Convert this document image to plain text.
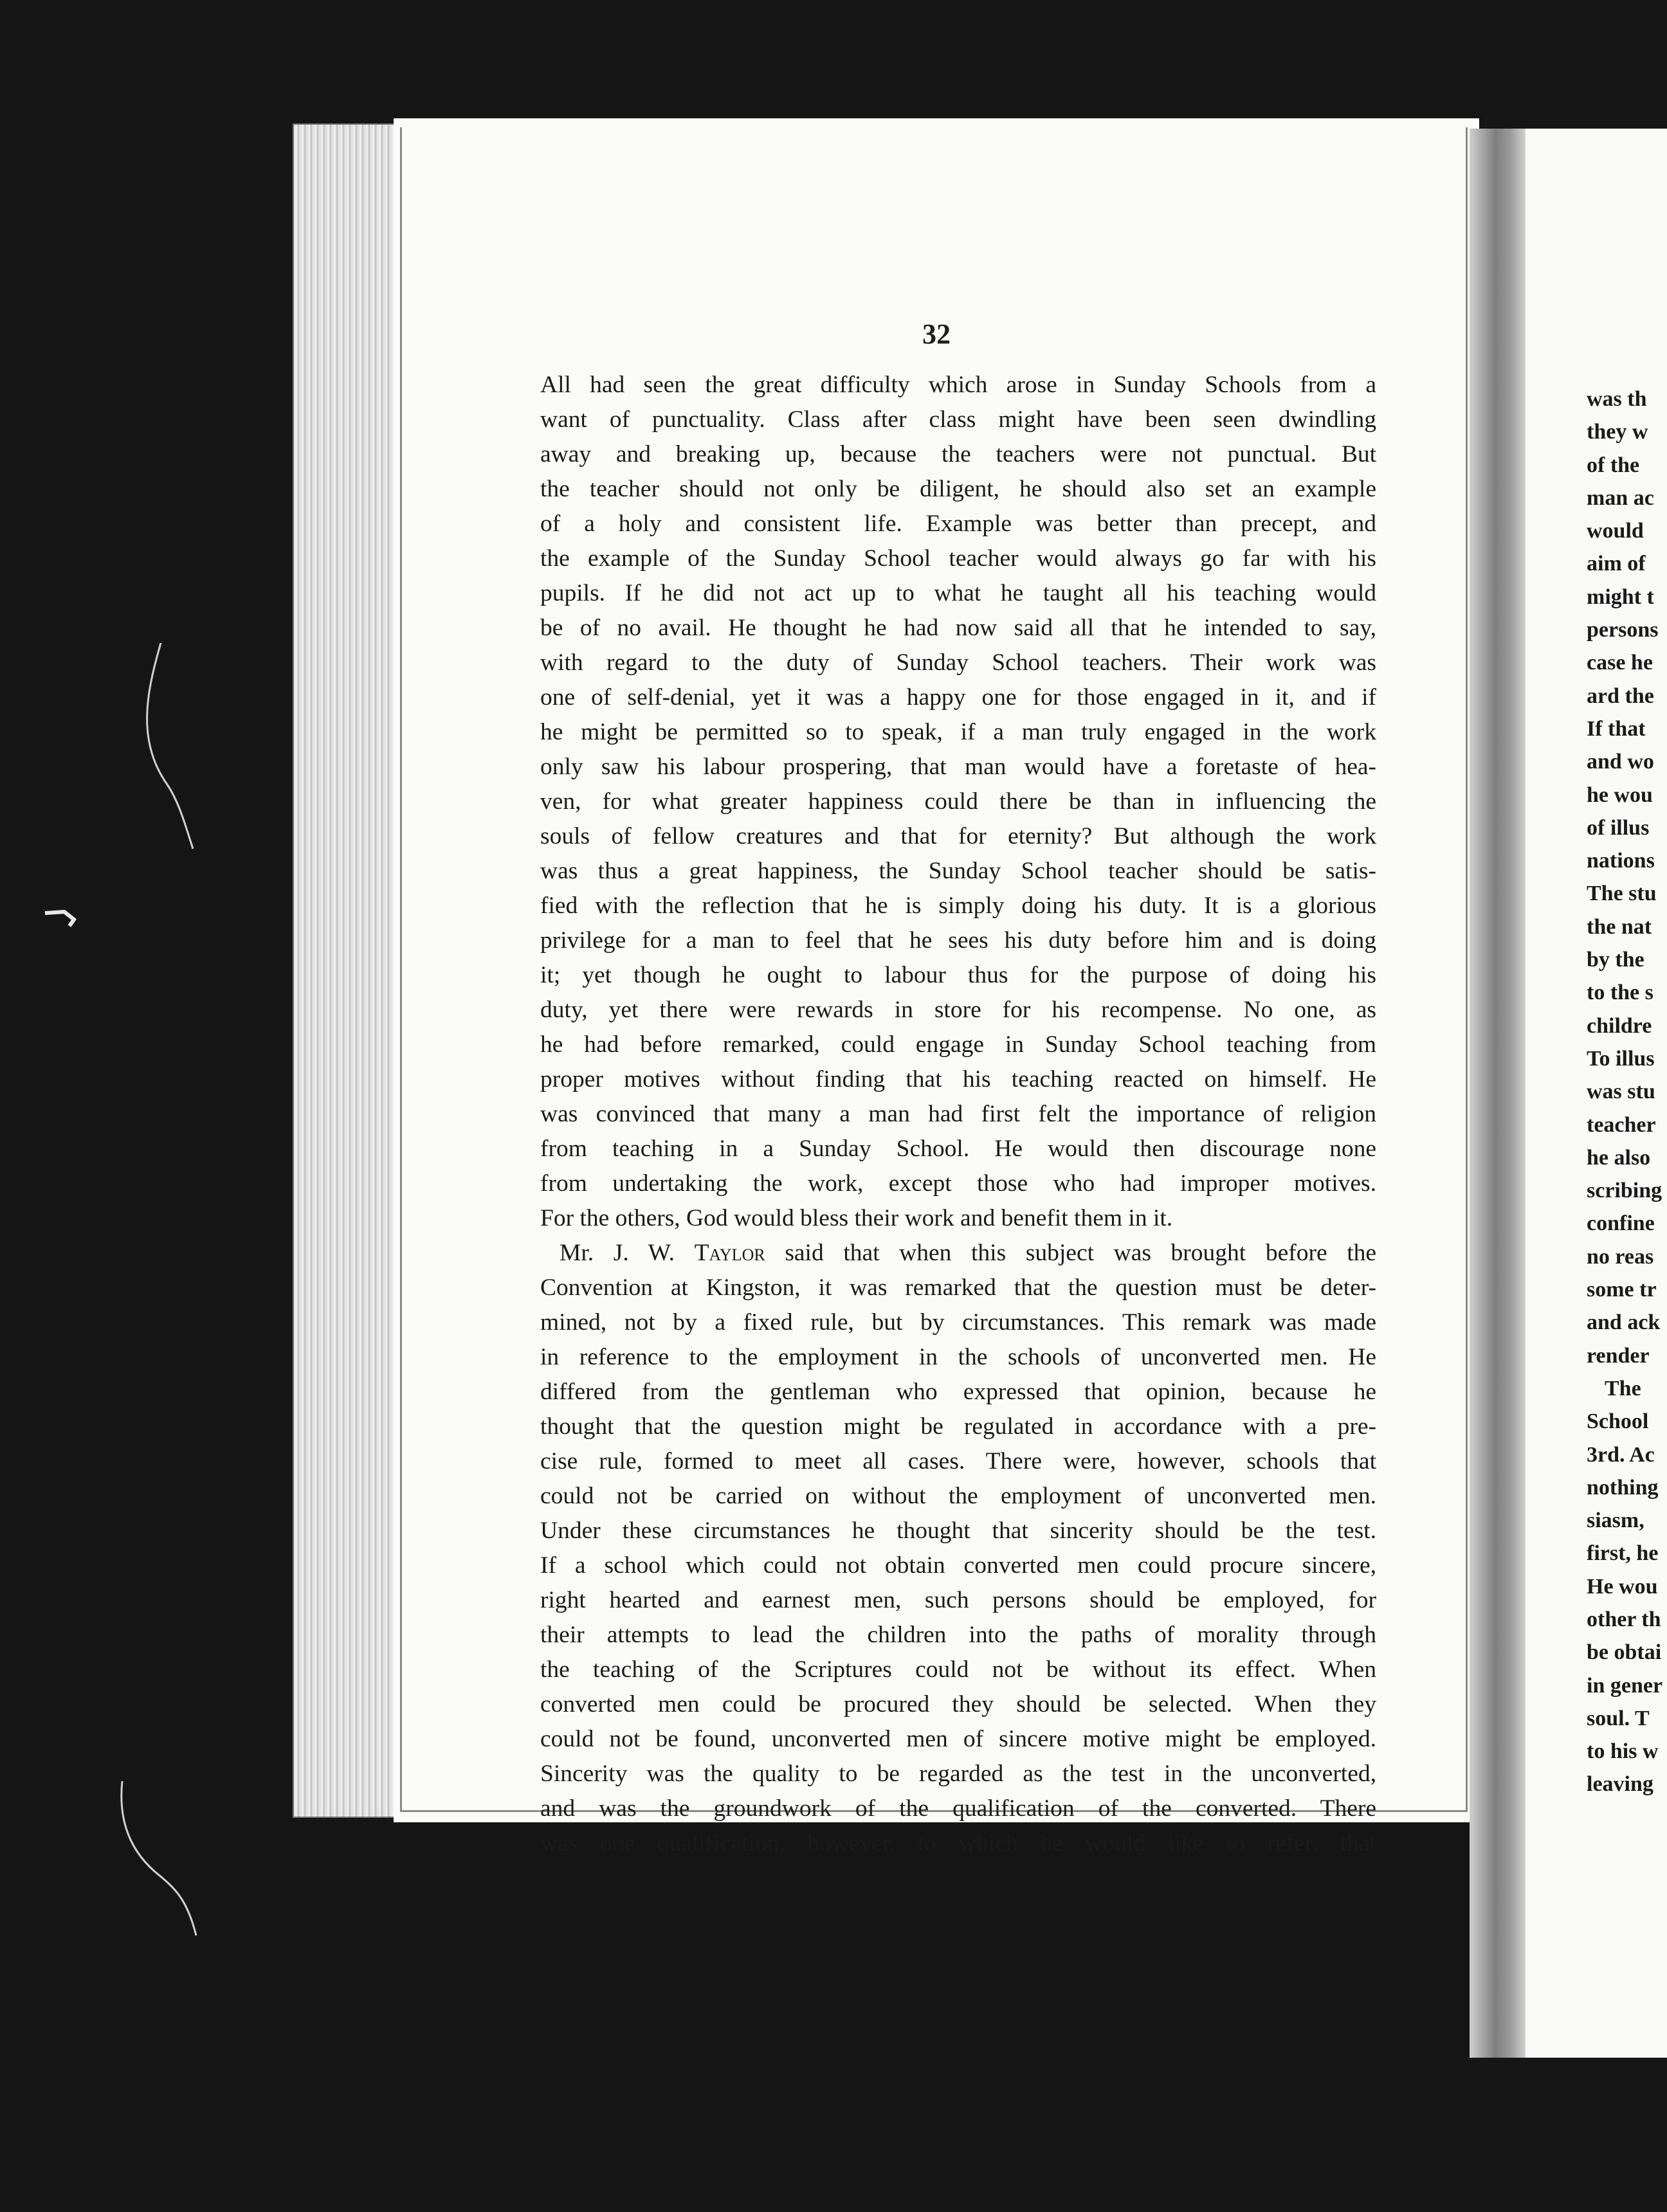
32
All had seen the great difficulty which arose in Sunday Schools from a
want of punctuality. Class after class might have been seen dwindling
away and breaking up, because the teachers were not punctual. But
the teacher should not only be diligent, he should also set an example
of a holy and consistent life. Example was better than precept, and
the example of the Sunday School teacher would always go far with his
pupils. If he did not act up to what he taught all his teaching would
be of no avail. He thought he had now said all that he intended to say,
with regard to the duty of Sunday School teachers. Their work was
one of self-denial, yet it was a happy one for those engaged in it, and if
he might be permitted so to speak, if a man truly engaged in the work
only saw his labour prospering, that man would have a foretaste of hea-
ven, for what greater happiness could there be than in influencing the
souls of fellow creatures and that for eternity? But although the work
was thus a great happiness, the Sunday School teacher should be satis-
fied with the reflection that he is simply doing his duty. It is a glorious
privilege for a man to feel that he sees his duty before him and is doing
it; yet though he ought to labour thus for the purpose of doing his
duty, yet there were rewards in store for his recompense. No one, as
he had before remarked, could engage in Sunday School teaching from
proper motives without finding that his teaching reacted on himself. He
was convinced that many a man had first felt the importance of religion
from teaching in a Sunday School. He would then discourage none
from undertaking the work, except those who had improper motives.
For the others, God would bless their work and benefit them in it.
Mr. J. W. Taylor said that when this subject was brought before the
Convention at Kingston, it was remarked that the question must be deter-
mined, not by a fixed rule, but by circumstances. This remark was made
in reference to the employment in the schools of unconverted men. He
differed from the gentleman who expressed that opinion, because he
thought that the question might be regulated in accordance with a pre-
cise rule, formed to meet all cases. There were, however, schools that
could not be carried on without the employment of unconverted men.
Under these circumstances he thought that sincerity should be the test.
If a school which could not obtain converted men could procure sincere,
right hearted and earnest men, such persons should be employed, for
their attempts to lead the children into the paths of morality through
the teaching of the Scriptures could not be without its effect. When
converted men could be procured they should be selected. When they
could not be found, unconverted men of sincere motive might be employed.
Sincerity was the quality to be regarded as the test in the unconverted,
and was the groundwork of the qualification of the converted. There
was one qualification, however, to which he would like to refer, that
was th
they w
of the
man ac
would
aim of
might t
persons
case he
ard the
If that
and wo
he wou
of illus
nations
The stu
the nat
by the
to the s
childre
To illus
was stu
teacher
he also
scribing
confine
no reas
some tr
and ack
render
The
School
3rd. Ac
nothing
siasm,
first, he
He wou
other th
be obtai
in gener
soul. T
to his w
leaving
